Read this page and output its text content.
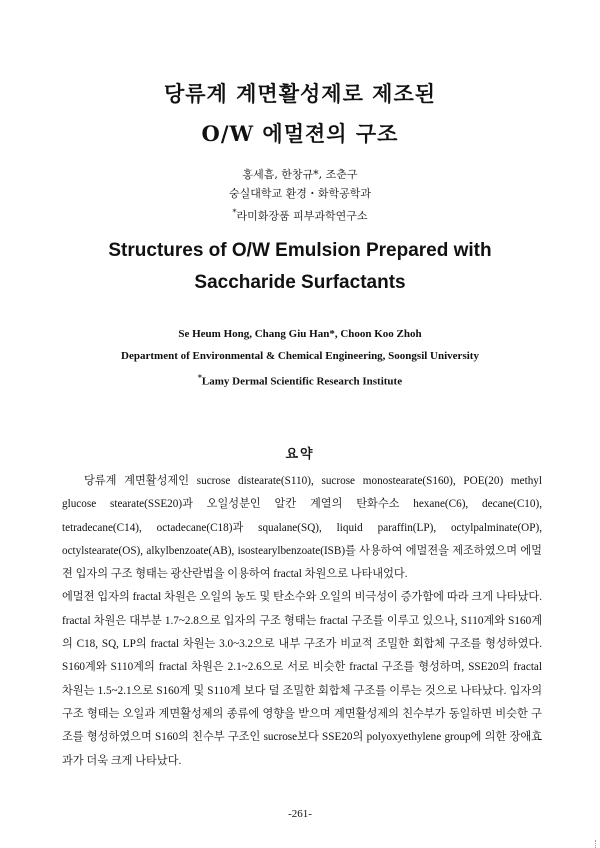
당류계 계면활성제로 제조된
O/W 에멀젼의 구조
홍세흠, 한창규*, 조춘구
숭실대학교 환경・화학공학과
*라미화장품 피부과학연구소
Structures of O/W Emulsion Prepared with
Saccharide Surfactants
Se Heum Hong, Chang Giu Han*, Choon Koo Zhoh
Department of Environmental & Chemical Engineering, Soongsil University
*Lamy Dermal Scientific Research Institute
요약

당류계 계면활성제인 sucrose distearate(S110), sucrose monostearate(S160), POE(20) methyl glucose stearate(SSE20)과 오일성분인 알칸 계열의 탄화수소 hexane(C6), decane(C10), tetradecane(C14), octadecane(C18)과 squalane(SQ), liquid paraffin(LP), octylpalminate(OP), octylstearate(OS), alkylbenzoate(AB), isostearylbenzoate(ISB)를 사용하여 에멀젼을 제조하였으며 에멀젼 입자의 구조 형태는 광산란법을 이용하여 fractal 차원으로 나타내었다.

에멀젼 입자의 fractal 차원은 오일의 농도 및 탄소수와 오일의 비극성이 증가함에 따라 크게 나타났다. fractal 차원은 대부분 1.7~2.8으로 입자의 구조 형태는 fractal 구조를 이루고 있으나, S110계와 S160계의 C18, SQ, LP의 fractal 차원는 3.0~3.2으로 내부 구조가 비교적 조밀한 회합체 구조를 형성하였다. S160계와 S110계의 fractal 차원은 2.1~2.6으로 서로 비슷한 fractal 구조를 형성하며, SSE20의 fractal 차원는 1.5~2.1으로 S160계 및 S110계 보다 덜 조밀한 회합체 구조를 이루는 것으로 나타났다. 입자의 구조 형태는 오일과 계면활성제의 종류에 영향을 받으며 계면활성제의 친수부가 동일하면 비슷한 구조를 형성하였으며 S160의 친수부 구조인 sucrose보다 SSE20의 polyoxyethylene group에 의한 장애효과가 더욱 크게 나타났다.

-261-
